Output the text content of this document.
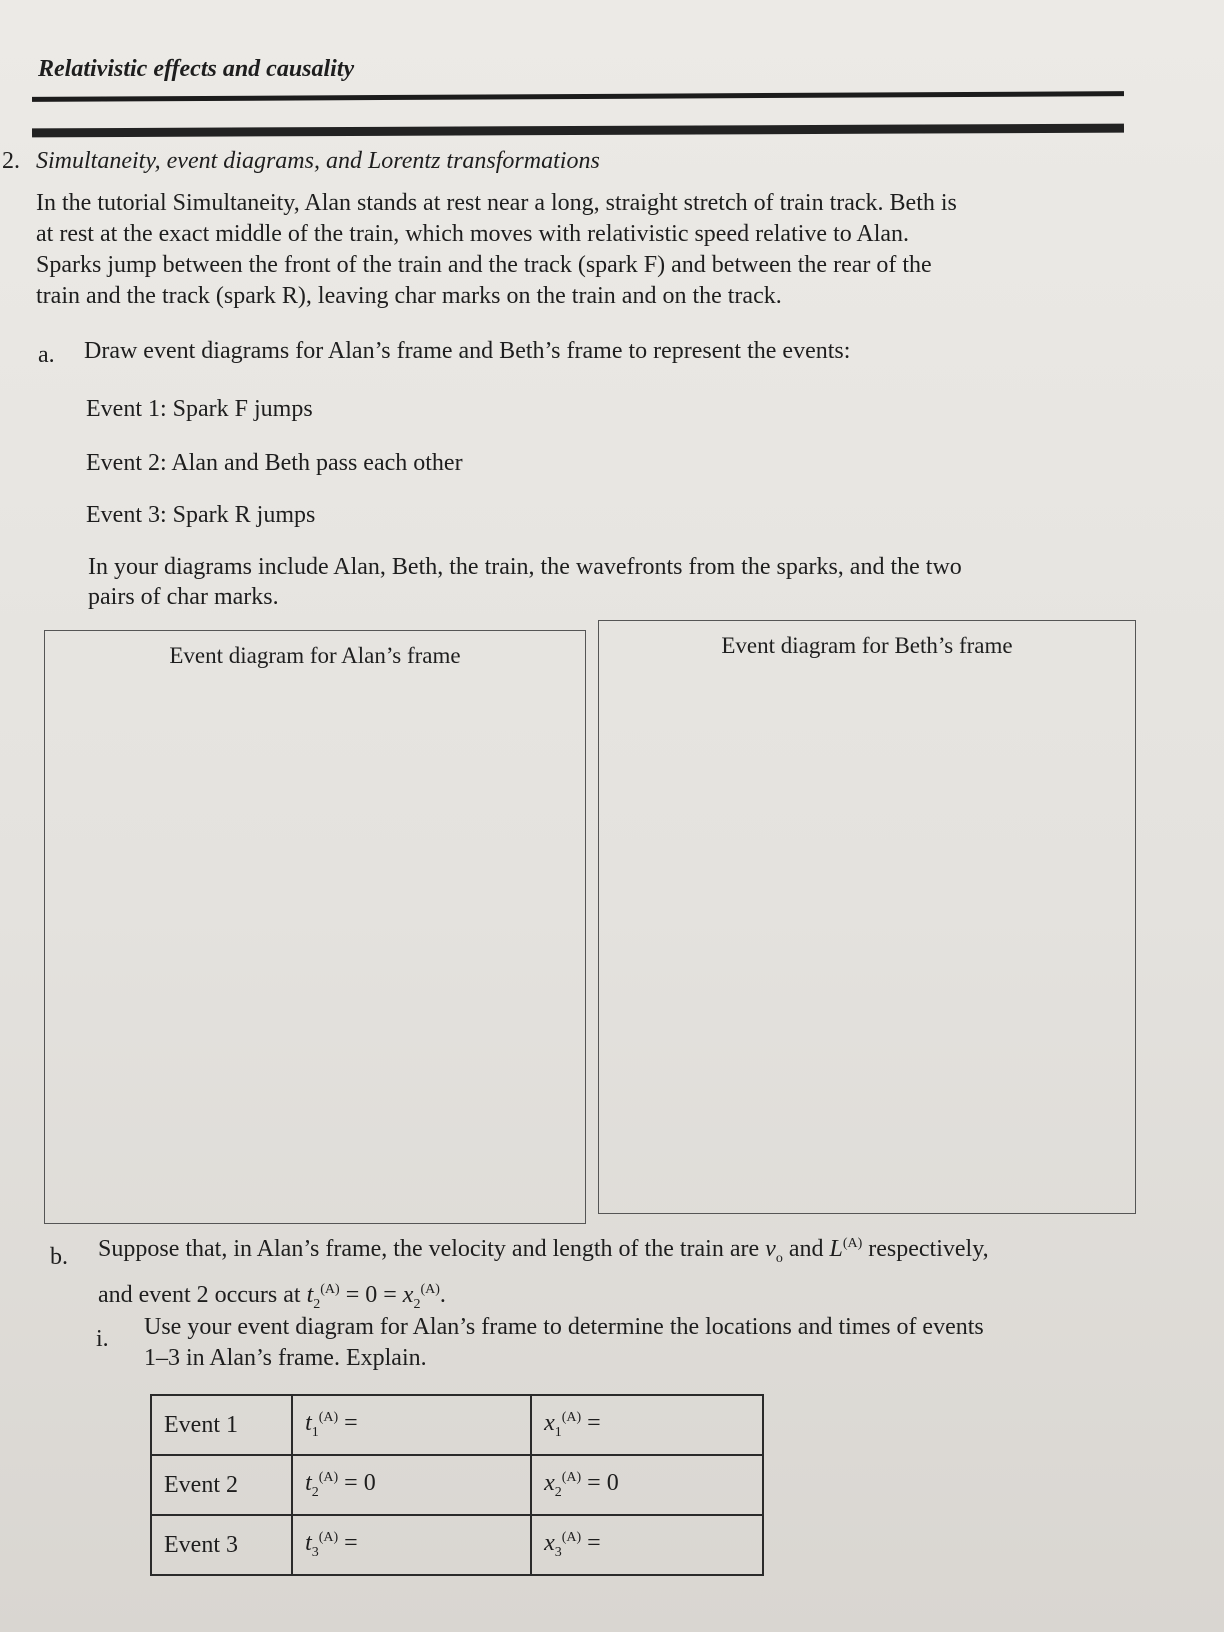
Relativistic effects and causality
2. Simultaneity, event diagrams, and Lorentz transformations

In the tutorial Simultaneity, Alan stands at rest near a long, straight stretch of train track. Beth is

at rest at the exact middle of the train, which moves with relativistic speed relative to Alan.

Sparks jump between the front of the train and the track (spark F) and between the rear of the

train and the track (spark R), leaving char marks on the train and on the track.

a. Draw event diagrams for Alan’s frame and Beth’s frame to represent the events:
Event 1: Spark F jumps
Event 2: Alan and Beth pass each other
Event 3: Spark R jumps
In your diagrams include Alan, Beth, the train, the wavefronts from the sparks, and the two
pairs of char marks.
Event diagram for Alan’s frame	Event diagram for Beth’s frame
b. Suppose that, in Alan’s frame, the velocity and length of the train are $v_o$ and $L^{(A)}$ respectively,
and event 2 occurs at $t_2^{(A)} = 0 = x_2^{(A)}$.
i. Use your event diagram for Alan’s frame to determine the locations and times of events
1–3 in Alan’s frame. Explain.
Event 1	$t_1^{(A)}$ =	$x_1^{(A)}$ =
Event 2	$t_2^{(A)} = 0$	$x_2^{(A)} = 0$
Event 3	$t_3^{(A)}$ =	$x_3^{(A)}$ =
